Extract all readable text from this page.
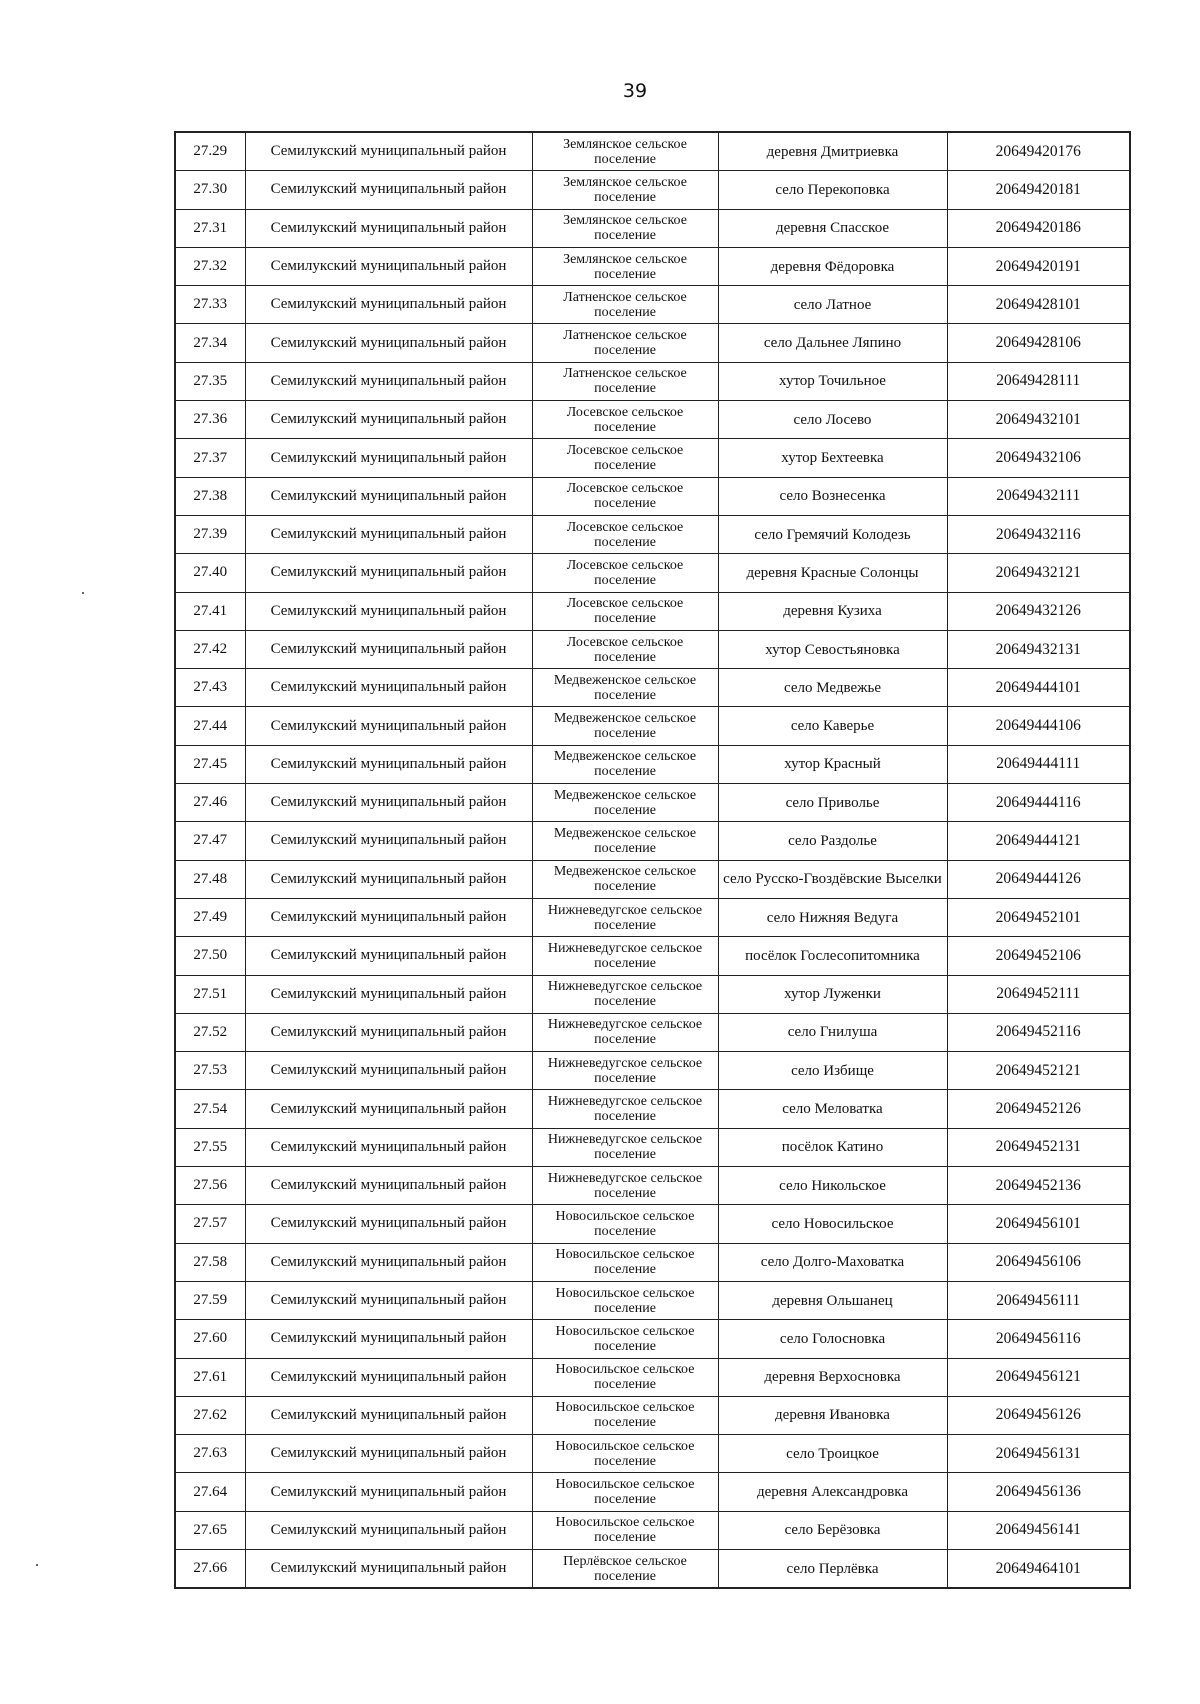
39
27.29	Семилукский муниципальный район	Землянское сельское поселение	деревня Дмитриевка	20649420176
27.30	Семилукский муниципальный район	Землянское сельское поселение	село Перекоповка	20649420181
27.31	Семилукский муниципальный район	Землянское сельское поселение	деревня Спасское	20649420186
27.32	Семилукский муниципальный район	Землянское сельское поселение	деревня Фёдоровка	20649420191
27.33	Семилукский муниципальный район	Латненское сельское поселение	село Латное	20649428101
27.34	Семилукский муниципальный район	Латненское сельское поселение	село Дальнее Ляпино	20649428106
27.35	Семилукский муниципальный район	Латненское сельское поселение	хутор Точильное	20649428111
27.36	Семилукский муниципальный район	Лосевское сельское поселение	село Лосево	20649432101
27.37	Семилукский муниципальный район	Лосевское сельское поселение	хутор Бехтеевка	20649432106
27.38	Семилукский муниципальный район	Лосевское сельское поселение	село Вознесенка	20649432111
27.39	Семилукский муниципальный район	Лосевское сельское поселение	село Гремячий Колодезь	20649432116
27.40	Семилукский муниципальный район	Лосевское сельское поселение	деревня Красные Солонцы	20649432121
27.41	Семилукский муниципальный район	Лосевское сельское поселение	деревня Кузиха	20649432126
27.42	Семилукский муниципальный район	Лосевское сельское поселение	хутор Севостьяновка	20649432131
27.43	Семилукский муниципальный район	Медвеженское сельское поселение	село Медвежье	20649444101
27.44	Семилукский муниципальный район	Медвеженское сельское поселение	село Каверье	20649444106
27.45	Семилукский муниципальный район	Медвеженское сельское поселение	хутор Красный	20649444111
27.46	Семилукский муниципальный район	Медвеженское сельское поселение	село Приволье	20649444116
27.47	Семилукский муниципальный район	Медвеженское сельское поселение	село Раздолье	20649444121
27.48	Семилукский муниципальный район	Медвеженское сельское поселение	село Русско-Гвоздёвские Выселки	20649444126
27.49	Семилукский муниципальный район	Нижневедугское сельское поселение	село Нижняя Ведуга	20649452101
27.50	Семилукский муниципальный район	Нижневедугское сельское поселение	посёлок Гослесопитомника	20649452106
27.51	Семилукский муниципальный район	Нижневедугское сельское поселение	хутор Луженки	20649452111
27.52	Семилукский муниципальный район	Нижневедугское сельское поселение	село Гнилуша	20649452116
27.53	Семилукский муниципальный район	Нижневедугское сельское поселение	село Избище	20649452121
27.54	Семилукский муниципальный район	Нижневедугское сельское поселение	село Меловатка	20649452126
27.55	Семилукский муниципальный район	Нижневедугское сельское поселение	посёлок Катино	20649452131
27.56	Семилукский муниципальный район	Нижневедугское сельское поселение	село Никольское	20649452136
27.57	Семилукский муниципальный район	Новосильское сельское поселение	село Новосильское	20649456101
27.58	Семилукский муниципальный район	Новосильское сельское поселение	село Долго-Маховатка	20649456106
27.59	Семилукский муниципальный район	Новосильское сельское поселение	деревня Ольшанец	20649456111
27.60	Семилукский муниципальный район	Новосильское сельское поселение	село Голосновка	20649456116
27.61	Семилукский муниципальный район	Новосильское сельское поселение	деревня Верхосновка	20649456121
27.62	Семилукский муниципальный район	Новосильское сельское поселение	деревня Ивановка	20649456126
27.63	Семилукский муниципальный район	Новосильское сельское поселение	село Троицкое	20649456131
27.64	Семилукский муниципальный район	Новосильское сельское поселение	деревня Александровка	20649456136
27.65	Семилукский муниципальный район	Новосильское сельское поселение	село Берёзовка	20649456141
27.66	Семилукский муниципальный район	Перлёвское сельское поселение	село Перлёвка	20649464101
